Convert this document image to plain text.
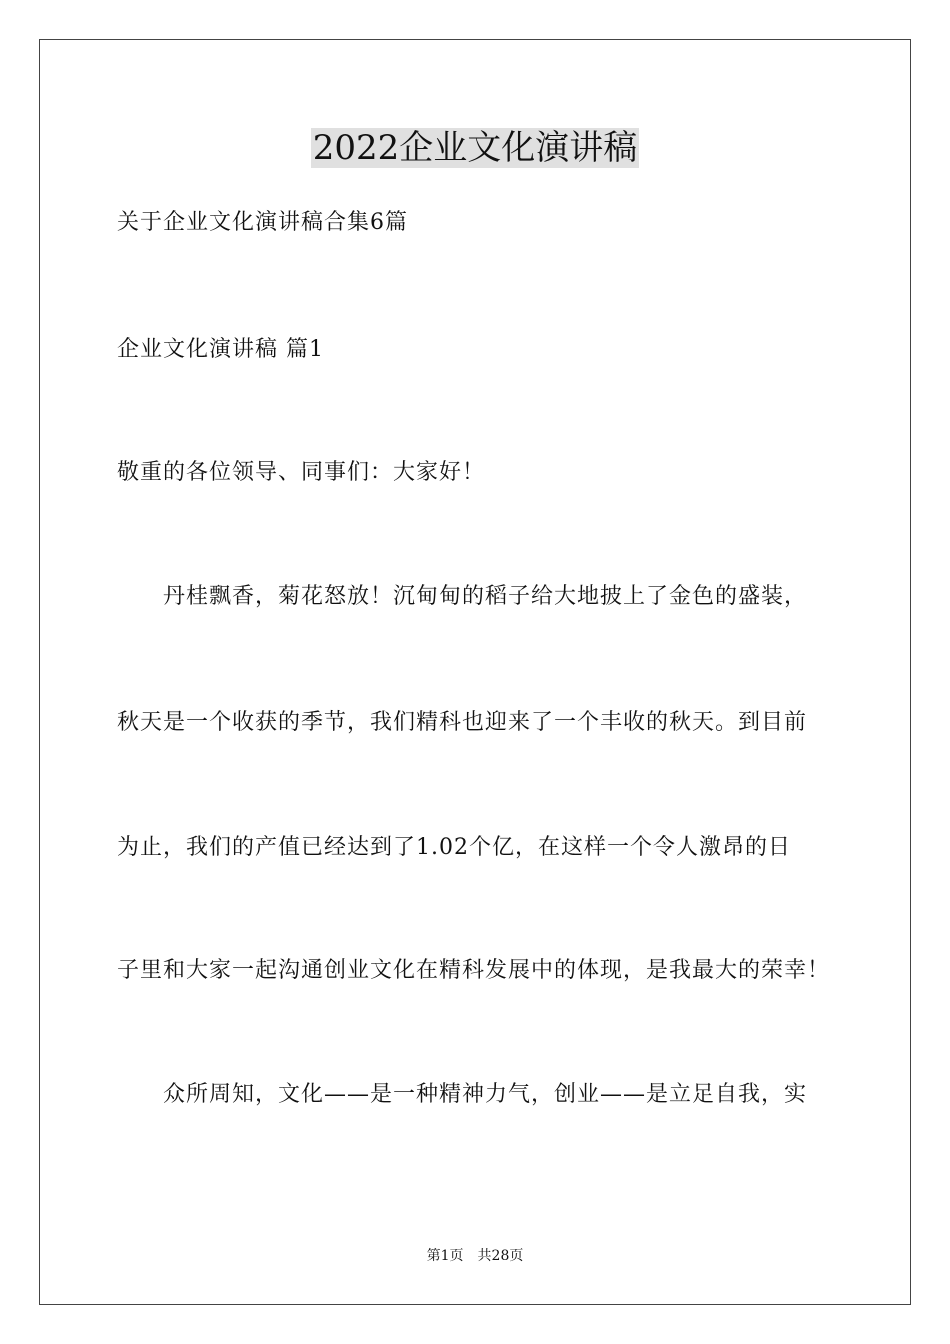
2022企业文化演讲稿

关于企业文化演讲稿合集6篇

企业文化演讲稿 篇1

敬重的各位领导、同事们：大家好！

丹桂飘香，菊花怒放！沉甸甸的稻子给大地披上了金色的盛装，

秋天是一个收获的季节，我们精科也迎来了一个丰收的秋天。到目前

为止，我们的产值已经达到了1.02个亿，在这样一个令人激昂的日

子里和大家一起沟通创业文化在精科发展中的体现，是我最大的荣幸！

众所周知，文化——是一种精神力气，创业——是立足自我，实

第1页　共28页
